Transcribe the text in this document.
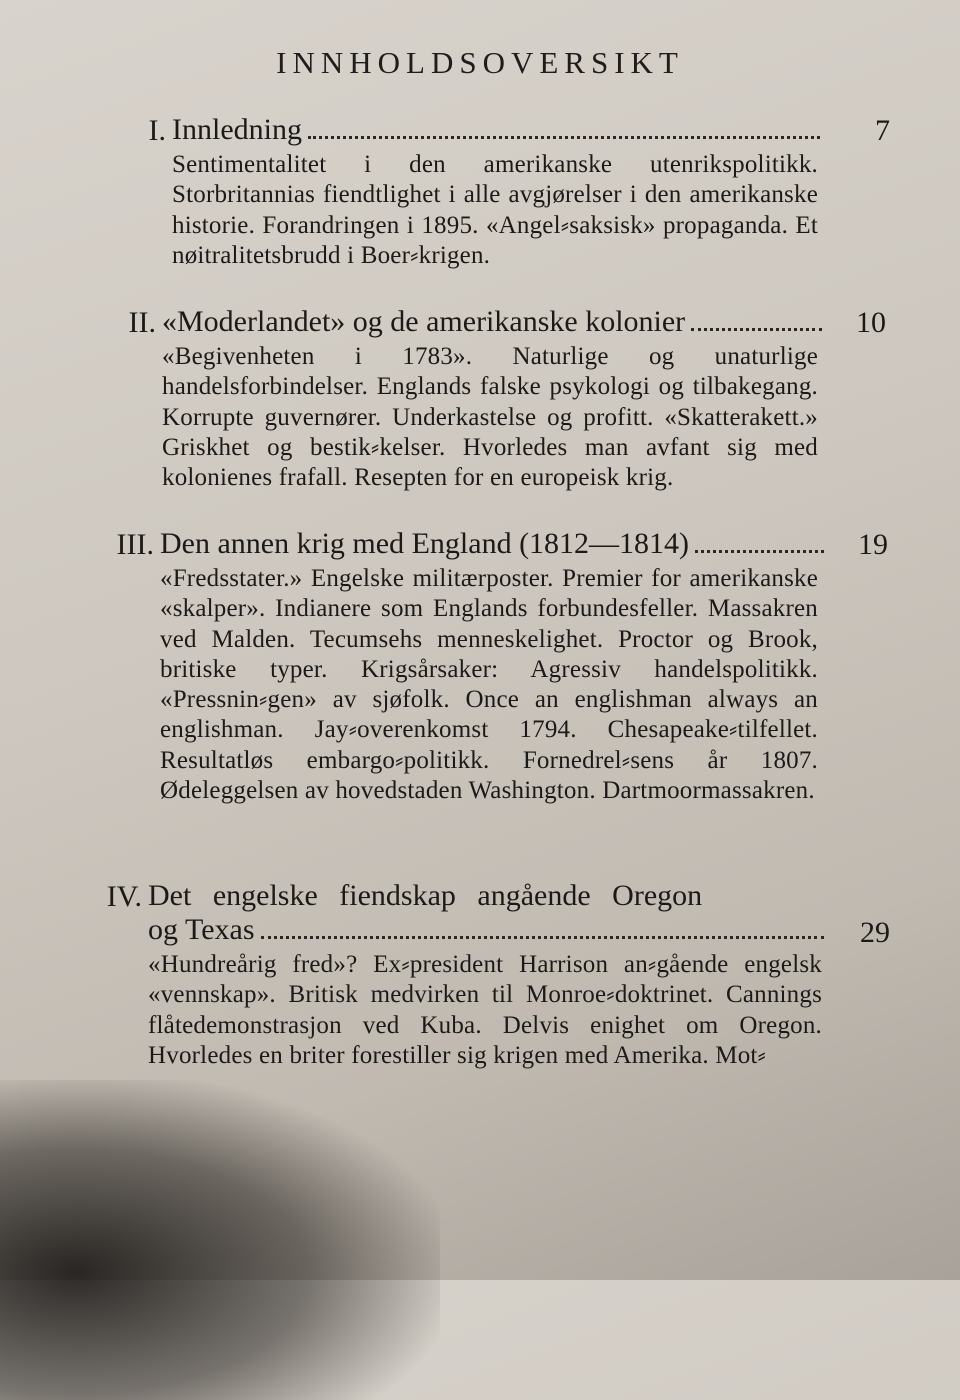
INNHOLDSOVERSIKT
I. Innledning	7
Sentimentalitet i den amerikanske utenrikspolitikk. Storbritannias fiendtlighet i alle avgjørelser i den amerikanske historie. Forandringen i 1895. «Angel⸗saksisk» propaganda. Et nøitralitetsbrudd i Boer⸗krigen.
II. «Moderlandet» og de amerikanske kolonier	10
«Begivenheten i 1783». Naturlige og unaturlige handelsforbindelser. Englands falske psykologi og tilbakegang. Korrupte guvernører. Underkastelse og profitt. «Skatterakett.» Griskhet og bestik⸗kelser. Hvorledes man avfant sig med kolonienes frafall. Resepten for en europeisk krig.
III. Den annen krig med England (1812—1814)	19
«Fredsstater.» Engelske militærposter. Premier for amerikanske «skalper». Indianere som Englands forbundesfeller. Massakren ved Malden. Tecumsehs menneskelighet. Proctor og Brook, britiske typer. Krigsårsaker: Agressiv handelspolitikk. «Pressnin⸗gen» av sjøfolk. Once an englishman always an englishman. Jay⸗overenkomst 1794. Chesapeake⸗tilfellet. Resultatløs embargo⸗politikk. Fornedrel⸗sens år 1807. Ødeleggelsen av hovedstaden Washington. Dartmoormassakren.
IV. Det engelske fiendskap angående Oregon
og Texas	29
«Hundreårig fred»? Ex⸗president Harrison an⸗gående engelsk «vennskap». Britisk medvirken til Monroe⸗doktrinet. Cannings flåtedemonstrasjon ved Kuba. Delvis enighet om Oregon. Hvorledes en briter forestiller sig krigen med Amerika. Mot⸗
